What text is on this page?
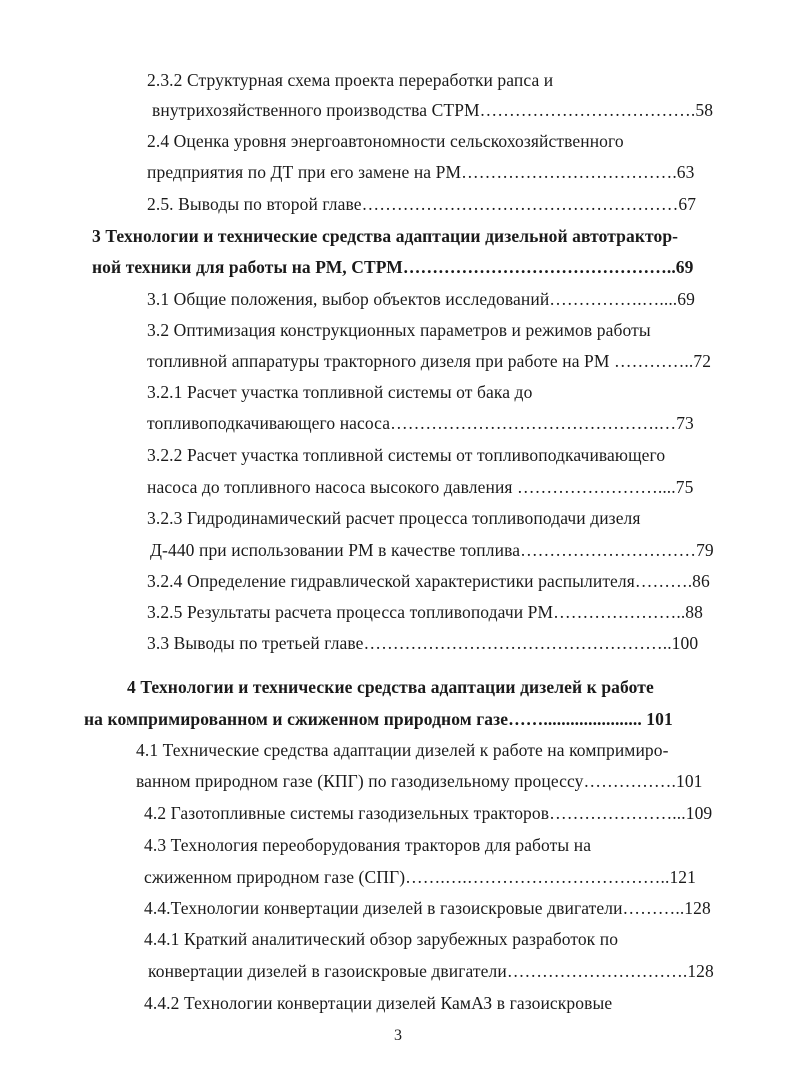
2.3.2 Структурная схема проекта переработки рапса и
внутрихозяйственного производства СТРМ……………………………….58
2.4 Оценка уровня энергоавтономности сельскохозяйственного
предприятия по ДТ при его замене на РМ……………………………….63
2.5. Выводы по второй главе………………………………………………67
3 Технологии и технические средства адаптации дизельной автотрактор-
ной техники для работы на РМ, СТРМ………………………………………..69
3.1 Общие положения, выбор объектов исследований…………….…....69
3.2 Оптимизация конструкционных параметров и режимов работы
топливной аппаратуры тракторного дизеля при работе на РМ …………..72
3.2.1 Расчет участка топливной системы от бака до
топливоподкачивающего насоса……………………………………….…73
3.2.2 Расчет участка топливной системы от топливоподкачивающего
насоса до топливного насоса высокого давления ……………………....75
3.2.3 Гидродинамический расчет процесса топливоподачи дизеля
Д-440 при использовании РМ в качестве топлива…………………………79
3.2.4 Определение гидравлической характеристики распылителя……….86
3.2.5 Результаты расчета процесса топливоподачи РМ…………………..88
3.3 Выводы по третьей главе……………………………………………..100
4 Технологии и технические средства адаптации дизелей к работе
на компримированном и сжиженном природном газе……...................... 101
4.1 Технические средства адаптации дизелей к работе на компримиро-
ванном природном газе (КПГ) по газодизельному процессу…………….101
4.2 Газотопливные системы газодизельных тракторов…………………...109
4.3 Технология переоборудования тракторов для работы на
сжиженном природном газе (СПГ)…….….……………………………..121
4.4.Технологии конвертации дизелей в газоискровые двигатели………..128
4.4.1 Краткий аналитический обзор зарубежных разработок по
конвертации дизелей в газоискровые двигатели………………………….128
4.4.2 Технологии конвертации дизелей КамАЗ в газоискровые
3
